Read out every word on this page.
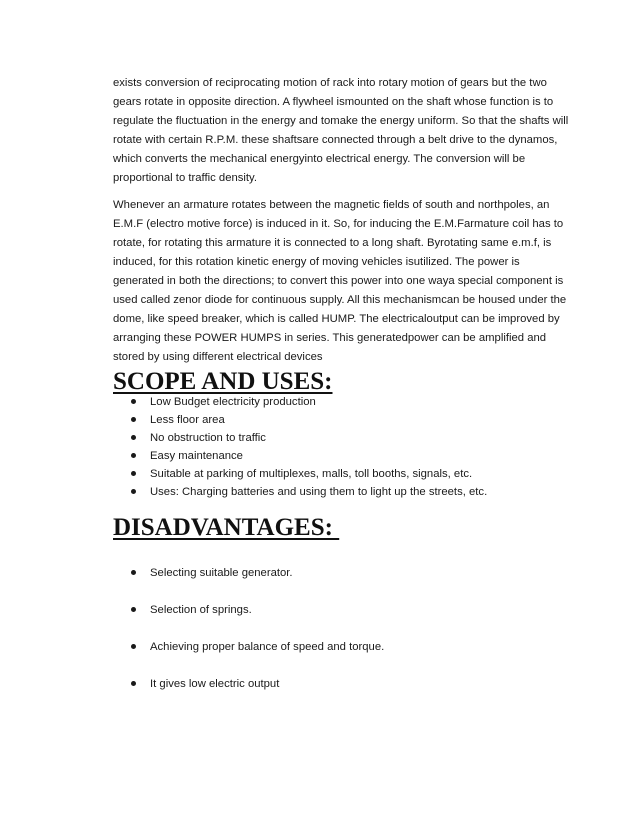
exists conversion of reciprocating motion of rack into rotary motion of gears but the two gears rotate in opposite direction. A flywheel ismounted on the shaft whose function is to regulate the fluctuation in the energy and tomake the energy uniform. So that the shafts will rotate with certain R.P.M. these shaftsare connected through a belt drive to the dynamos, which converts the mechanical energyinto electrical energy. The conversion will be proportional to traffic density.

Whenever an armature rotates between the magnetic fields of south and northpoles, an E.M.F (electro motive force) is induced in it. So, for inducing the E.M.Farmature coil has to rotate, for rotating this armature it is connected to a long shaft. Byrotating same e.m.f, is induced, for this rotation kinetic energy of moving vehicles isutilized. The power is generated in both the directions; to convert this power into one waya special component is used called zenor diode for continuous supply. All this mechanismcan be housed under the dome, like speed breaker, which is called HUMP. The electricaloutput can be improved by arranging these POWER HUMPS in series. This generatedpower can be amplified and stored by using different electrical devices

SCOPE AND USES:
Low Budget electricity production
Less floor area
No obstruction to traffic
Easy maintenance
Suitable at parking of multiplexes, malls, toll booths, signals, etc.
Uses: Charging batteries and using them to light up the streets, etc.
DISADVANTAGES:
Selecting suitable generator.
Selection of springs.
Achieving proper balance of speed and torque.
It gives low electric output
